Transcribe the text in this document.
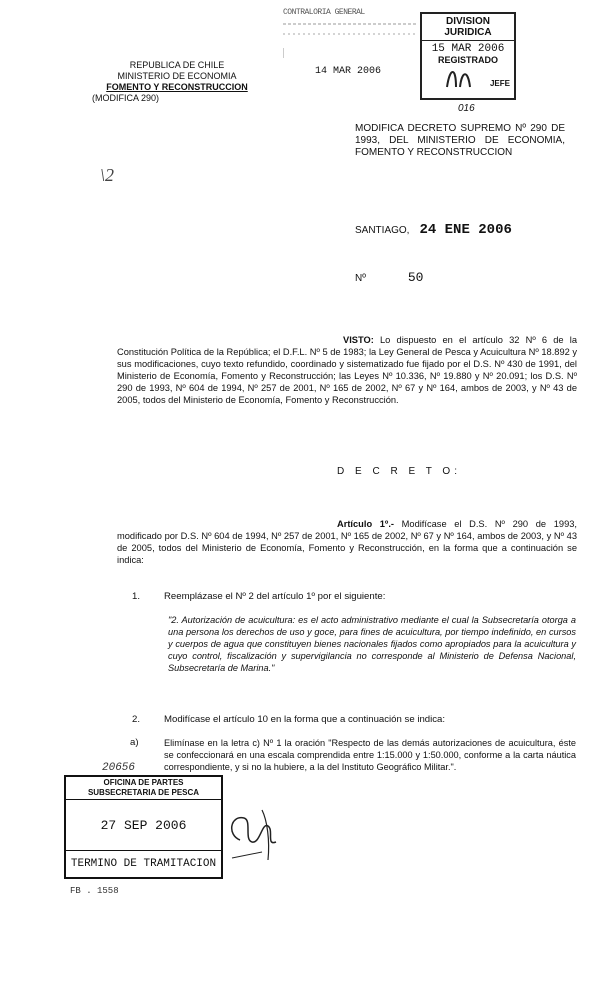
REPUBLICA DE CHILE
MINISTERIO DE ECONOMIA
FOMENTO Y RECONSTRUCCION
(MODIFICA 290)
CONTRALORIA GENERAL
14 MAR 2006
DIVISION JURIDICA
15 MAR 2006
REGISTRADO
JEFE
016
\2
MODIFICA DECRETO SUPREMO Nº 290 DE 1993, DEL MINISTERIO DE ECONOMIA, FOMENTO Y RECONSTRUCCION
SANTIAGO, 24 ENE 2006
Nº	50
VISTO: Lo dispuesto en el artículo 32 Nº 6 de la Constitución Política de la República; el D.F.L. Nº 5 de 1983; la Ley General de Pesca y Acuicultura Nº 18.892 y sus modificaciones, cuyo texto refundido, coordinado y sistematizado fue fijado por el D.S. Nº 430 de 1991, del Ministerio de Economía, Fomento y Reconstrucción; las Leyes Nº 10.336, Nº 19.880 y Nº 20.091; los D.S. Nº 290 de 1993, Nº 604 de 1994, Nº 257 de 2001, Nº 165 de 2002, Nº 67 y Nº 164, ambos de 2003, y Nº 43 de 2005, todos del Ministerio de Economía, Fomento y Reconstrucción.
D E C R E T O:
Artículo 1º.- Modifícase el D.S. Nº 290 de 1993, modificado por D.S. Nº 604 de 1994, Nº 257 de 2001, Nº 165 de 2002, Nº 67 y Nº 164, ambos de 2003, y Nº 43 de 2005, todos del Ministerio de Economía, Fomento y Reconstrucción, en la forma que a continuación se indica:
1. Reemplázase el Nº 2 del artículo 1º por el siguiente:
"2. Autorización de acuicultura: es el acto administrativo mediante el cual la Subsecretaría otorga a una persona los derechos de uso y goce, para fines de acuicultura, por tiempo indefinido, en cursos y cuerpos de agua que constituyen bienes nacionales fijados como apropiados para la acuicultura y cuyo control, fiscalización y supervigilancia no corresponde al Ministerio de Defensa Nacional, Subsecretaría de Marina."
2. Modifícase el artículo 10 en la forma que a continuación se indica:
a)	Elimínase en la letra c) Nº 1 la oración "Respecto de las demás autorizaciones de acuicultura, éste se confeccionará en una escala comprendida entre 1:15.000 y 1:50.000, conforme a la carta náutica correspondiente, y si no la hubiere, a la del Instituto Geográfico Militar.".
20656
OFICINA DE PARTES
SUBSECRETARIA DE PESCA
27 SEP 2006
TERMINO DE TRAMITACION
FB . 1558
